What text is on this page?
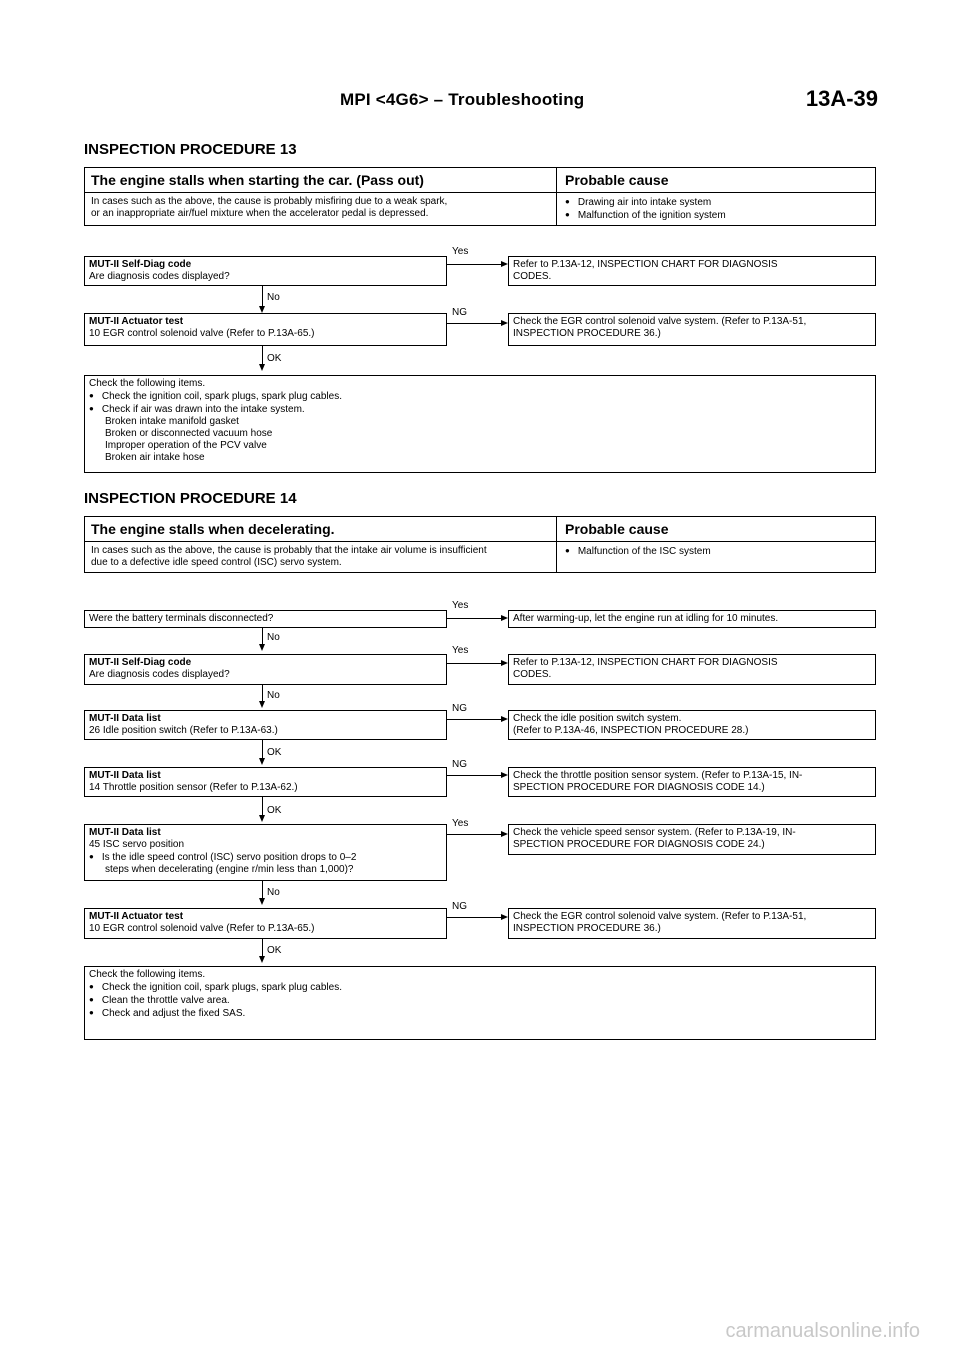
MPI <4G6> – Troubleshooting	13A-39
INSPECTION PROCEDURE 13
The engine stalls when starting the car. (Pass out)	Probable cause
In cases such as the above, the cause is probably misfiring due to a weak spark,
or an inappropriate air/fuel mixture when the accelerator pedal is depressed.
● Drawing air into intake system
● Malfunction of the ignition system
MUT-II Self-Diag code
Are diagnosis codes displayed?
Yes
Refer to P.13A-12, INSPECTION CHART FOR DIAGNOSIS
CODES.
No
MUT-II Actuator test
10 EGR control solenoid valve (Refer to P.13A-65.)
NG
Check the EGR control solenoid valve system. (Refer to P.13A-51,
INSPECTION PROCEDURE 36.)
OK
Check the following items.
● Check the ignition coil, spark plugs, spark plug cables.
● Check if air was drawn into the intake system.
Broken intake manifold gasket
Broken or disconnected vacuum hose
Improper operation of the PCV valve
Broken air intake hose
INSPECTION PROCEDURE 14
The engine stalls when decelerating.	Probable cause
In cases such as the above, the cause is probably that the intake air volume is insufficient
due to a defective idle speed control (ISC) servo system.
● Malfunction of the ISC system
Were the battery terminals disconnected?
Yes
After warming-up, let the engine run at idling for 10 minutes.
No
MUT-II Self-Diag code
Are diagnosis codes displayed?
Yes
Refer to P.13A-12, INSPECTION CHART FOR DIAGNOSIS
CODES.
No
MUT-II Data list
26 Idle position switch (Refer to P.13A-63.)
NG
Check the idle position switch system.
(Refer to P.13A-46, INSPECTION PROCEDURE 28.)
OK
MUT-II Data list
14 Throttle position sensor (Refer to P.13A-62.)
NG
Check the throttle position sensor system. (Refer to P.13A-15, IN-
SPECTION PROCEDURE FOR DIAGNOSIS CODE 14.)
OK
MUT-II Data list
45 ISC servo position
● Is the idle speed control (ISC) servo position drops to 0–2
steps when decelerating (engine r/min less than 1,000)?
Yes
Check the vehicle speed sensor system. (Refer to P.13A-19, IN-
SPECTION PROCEDURE FOR DIAGNOSIS CODE 24.)
No
MUT-II Actuator test
10 EGR control solenoid valve (Refer to P.13A-65.)
NG
Check the EGR control solenoid valve system. (Refer to P.13A-51,
INSPECTION PROCEDURE 36.)
OK
Check the following items.
● Check the ignition coil, spark plugs, spark plug cables.
● Clean the throttle valve area.
● Check and adjust the fixed SAS.
carmanualsonline.info
